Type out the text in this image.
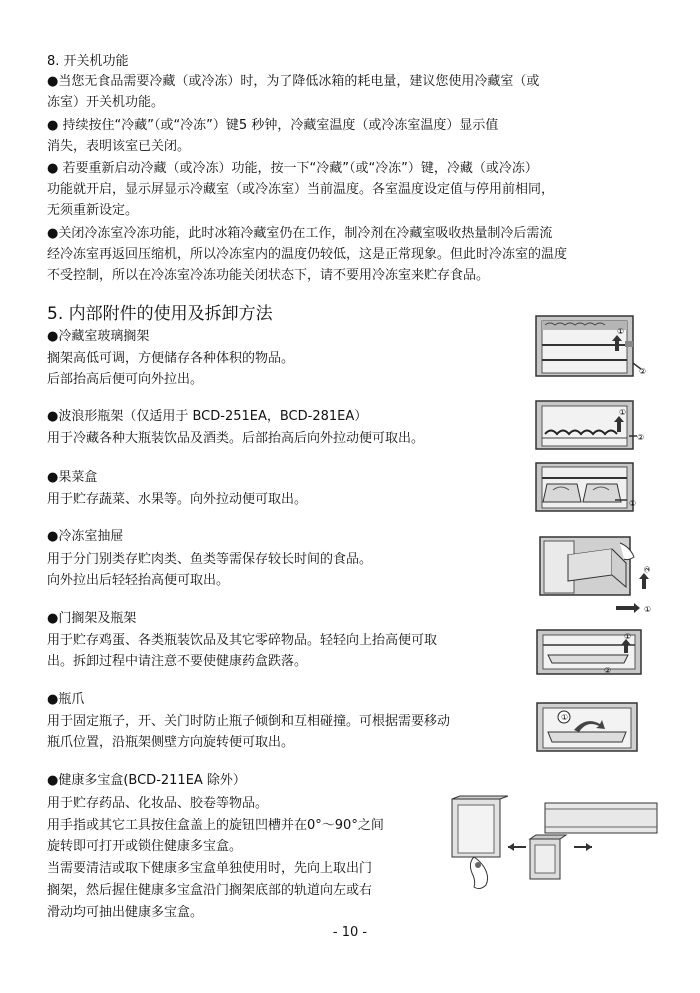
8. 开关机功能
●当您无食品需要冷藏（或冷冻）时，为了降低冰箱的耗电量，建议您使用冷藏室（或
冻室）开关机功能。
● 持续按住“冷藏”（或“冷冻”）键5 秒钟，冷藏室温度（或冷冻室温度）显示值
消失，表明该室已关闭。
● 若要重新启动冷藏（或冷冻）功能，按一下“冷藏”（或“冷冻”）键，冷藏（或冷冻）
功能就开启，显示屏显示冷藏室（或冷冻室）当前温度。各室温度设定值与停用前相同，
无须重新设定。
●关闭冷冻室冷冻功能，此时冰箱冷藏室仍在工作，制冷剂在冷藏室吸收热量制冷后需流
经冷冻室再返回压缩机，所以冷冻室内的温度仍较低，这是正常现象。但此时冷冻室的温度
不受控制，所以在冷冻室冷冻功能关闭状态下，请不要用冷冻室来贮存食品。
5. 内部附件的使用及拆卸方法
●冷藏室玻璃搁架
搁架高低可调，方便储存各种体积的物品。
后部抬高后便可向外拉出。
●波浪形瓶架（仅适用于 BCD-251EA，BCD-281EA）
用于冷藏各种大瓶装饮品及酒类。后部抬高后向外拉动便可取出。
●果菜盒
用于贮存蔬菜、水果等。向外拉动便可取出。
●冷冻室抽屉
用于分门别类存贮肉类、鱼类等需保存较长时间的食品。
向外拉出后轻轻抬高便可取出。
●门搁架及瓶架
用于贮存鸡蛋、各类瓶装饮品及其它零碎物品。轻轻向上抬高便可取
出。拆卸过程中请注意不要使健康药盒跌落。
●瓶爪
用于固定瓶子，开、关门时防止瓶子倾倒和互相碰撞。可根据需要移动
瓶爪位置，沿瓶架侧壁方向旋转便可取出。
●健康多宝盒(BCD-211EA 除外）
用于贮存药品、化妆品、胶卷等物品。
用手指或其它工具按住盒盖上的旋钮凹槽并在0°～90°之间
旋转即可打开或锁住健康多宝盒。
当需要清洁或取下健康多宝盒单独使用时，先向上取出门
搁架，然后握住健康多宝盒沿门搁架底部的轨道向左或右
滑动均可抽出健康多宝盒。
①
②
①
②
①
②
①
①
②
①
- 10 -
